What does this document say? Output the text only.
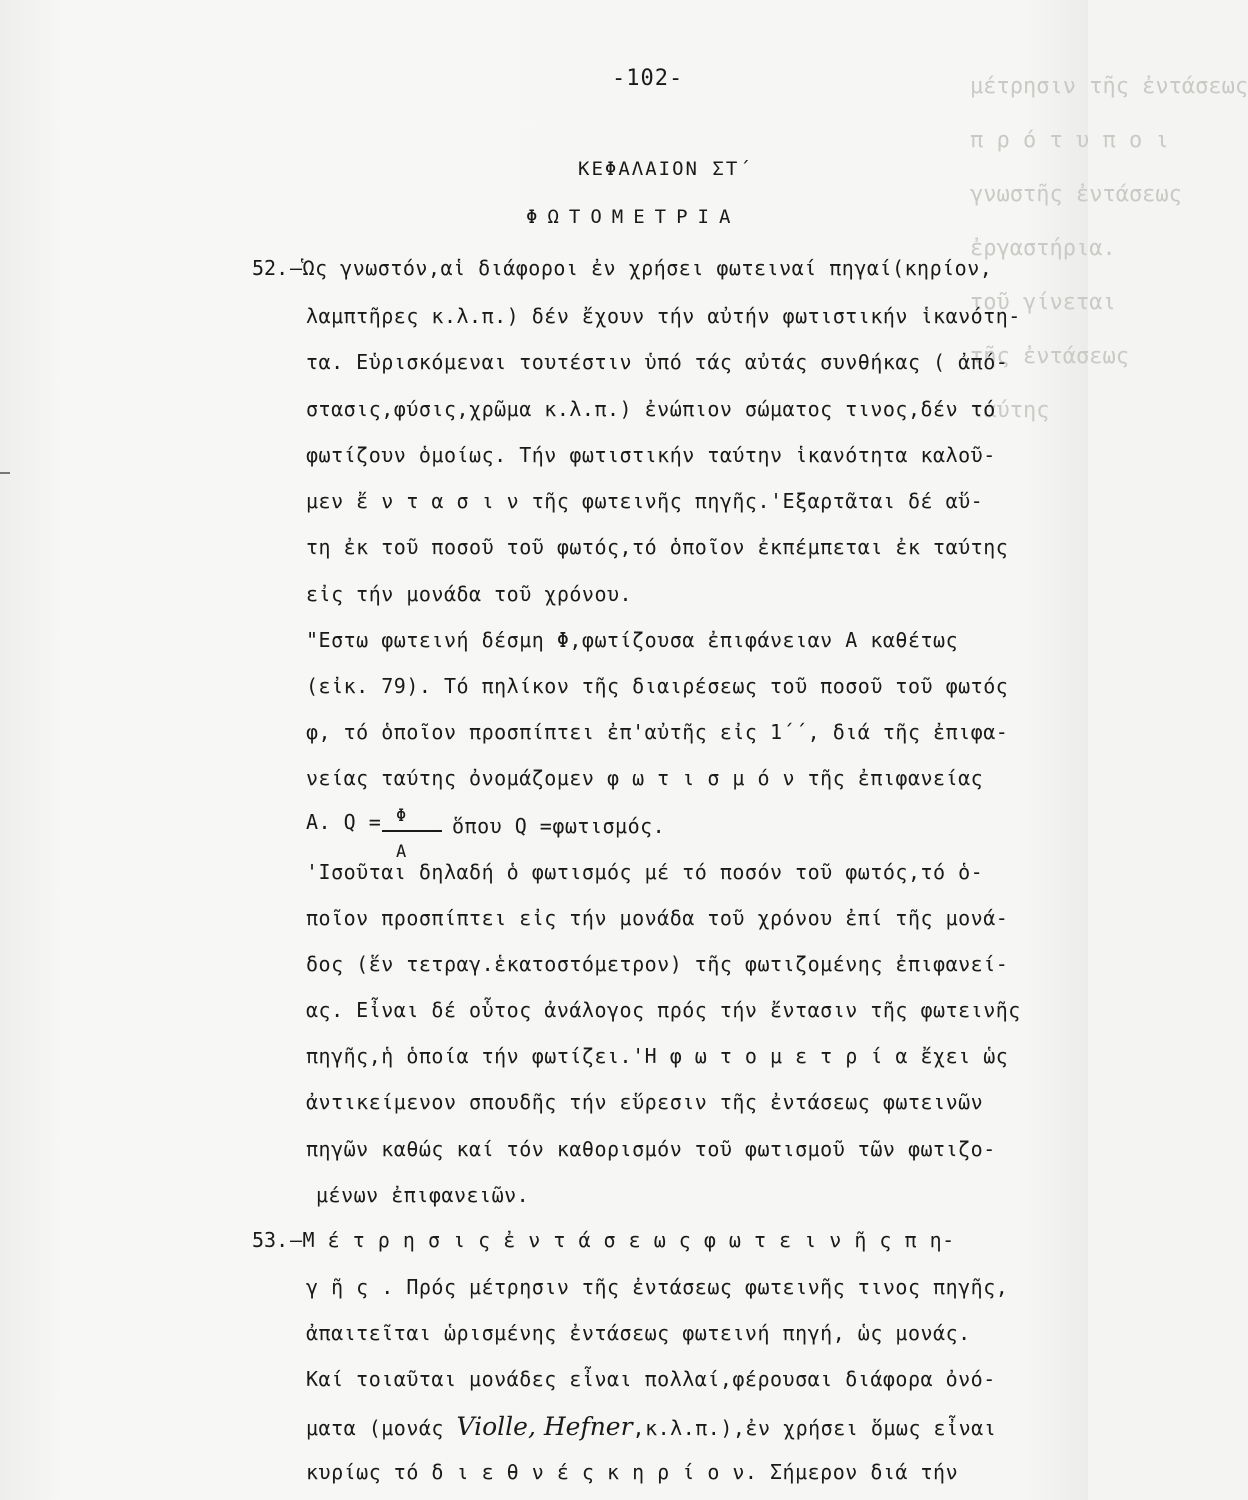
μέτρησιν τῆς ἐντάσεως
π ρ ό τ υ π ο ι
γνωστῆς ἐντάσεως
ἐργαστήρια.
τοῦ γίνεται
τῆς ἐντάσεως
ταύτης
-102-
ΚΕΦΑΛΑΙΟΝ ΣΤ΄
ΦΩΤΟΜΕΤΡΙΑ
52. –Ὡς γνωστόν,αἱ διάφοροι ἐν χρήσει φωτειναί πηγαί(κηρίον,
λαμπτῆρες κ.λ.π.) δέν ἔχουν τήν αὐτήν φωτιστικήν ἱκανότη-
τα. Εὑρισκόμεναι τουτέστιν ὑπό τάς αὐτάς συνθήκας ( ἀπό-
στασις,φύσις,χρῶμα κ.λ.π.) ἐνώπιον σώματος τινος,δέν τό
φωτίζουν ὁμοίως. Τήν φωτιστικήν ταύτην ἱκανότητα καλοῦ-
μεν ἔ ν τ α σ ι ν τῆς φωτεινῆς πηγῆς.'Εξαρτᾶται δέ αὕ-
τη ἐκ τοῦ ποσοῦ τοῦ φωτός,τό ὁποῖον ἐκπέμπεται ἐκ ταύτης
εἰς τήν μονάδα τοῦ χρόνου.
"Εστω φωτεινή δέσμη Φ,φωτίζουσα ἐπιφάνειαν Α καθέτως
(εἰκ. 79). Τό πηλίκον τῆς διαιρέσεως τοῦ ποσοῦ τοῦ φωτός
φ, τό ὁποῖον προσπίπτει ἐπ'αὐτῆς εἰς 1΄΄, διά τῆς ἐπιφα-
νείας ταύτης ὀνομάζομεν φ ω τ ι σ μ ό ν τῆς ἐπιφανείας
Α. Q = Φ
Α
ὅπου Q =φωτισμός.
'Ισοῦται δηλαδή ὁ φωτισμός μέ τό ποσόν τοῦ φωτός,τό ὁ-
ποῖον προσπίπτει εἰς τήν μονάδα τοῦ χρόνου ἐπί τῆς μονά-
δος (ἕν τετραγ.ἑκατοστόμετρον) τῆς φωτιζομένης ἐπιφανεί-
ας. Εἶναι δέ οὗτος ἀνάλογος πρός τήν ἔντασιν τῆς φωτεινῆς
πηγῆς,ἡ ὁποία τήν φωτίζει.'Η φ ω τ ο μ ε τ ρ ί α ἔχει ὡς
ἀντικείμενον σπουδῆς τήν εὕρεσιν τῆς ἐντάσεως φωτεινῶν
πηγῶν καθώς καί τόν καθορισμόν τοῦ φωτισμοῦ τῶν φωτιζο-
μένων ἐπιφανειῶν.
53. –Μ έ τ ρ η σ ι ς ἐ ν τ ά σ ε ω ς φ ω τ ε ι ν ῆ ς π η-
γ ῆ ς . Πρός μέτρησιν τῆς ἐντάσεως φωτεινῆς τινος πηγῆς,
ἀπαιτεῖται ὡρισμένης ἐντάσεως φωτεινή πηγή, ὡς μονάς.
Καί τοιαῦται μονάδες εἶναι πολλαί,φέρουσαι διάφορα ὀνό-
ματα (μονάς Violle, Hefner,κ.λ.π.),ἐν χρήσει ὅμως εἶναι
κυρίως τό δ ι ε θ ν έ ς κ η ρ ί ο ν. Σήμερον διά τήν
